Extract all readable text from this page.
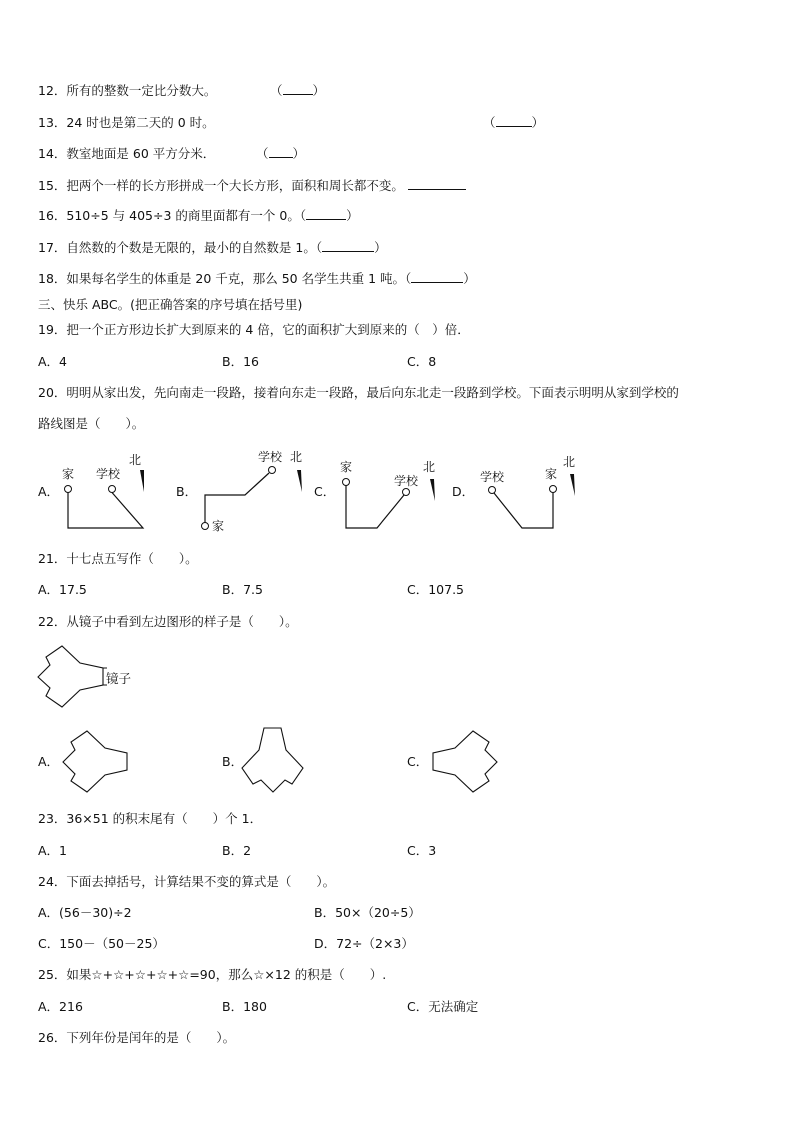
12．所有的整数一定比分数大。	（ ）
13．24 时也是第二天的 0 时。	（	）
14．教室地面是 60 平方分米．	（ ）
15．把两个一样的长方形拼成一个大长方形，面积和周长都不变。
16．510÷5 与 405÷3 的商里面都有一个 0。（	）
17．自然数的个数是无限的，最小的自然数是 1。（	）
18．如果每名学生的体重是 20 千克，那么 50 名学生共重 1 吨。（	）
三、快乐 ABC。(把正确答案的序号填在括号里)
19．把一个正方形边长扩大到原来的 4 倍，它的面积扩大到原来的（　）倍．
A．4	B．16	C．8
20．明明从家出发，先向南走一段路，接着向东走一段路，最后向东北走一段路到学校。下面表示明明从家到学校的
路线图是（　　）。
A．	B．	C．	D．
家 学校
北	学校
家
北
家
学校
北
学校	家
北
21．十七点五写作（　　）。
A．17.5	B．7.5	C．107.5
22．从镜子中看到左边图形的样子是（　　）。
镜子
A．	B．	C．
23．36×51 的积末尾有（　　）个 1．
A．1	B．2	C．3
24．下面去掉括号，计算结果不变的算式是（　　）。
A．(56－30)÷2	B．50×（20÷5）
C．150－（50－25）	D．72÷（2×3）
25．如果☆+☆+☆+☆+☆=90，那么☆×12 的积是（　　）.
A．216	B．180	C．无法确定
26．下列年份是闰年的是（　　）。
